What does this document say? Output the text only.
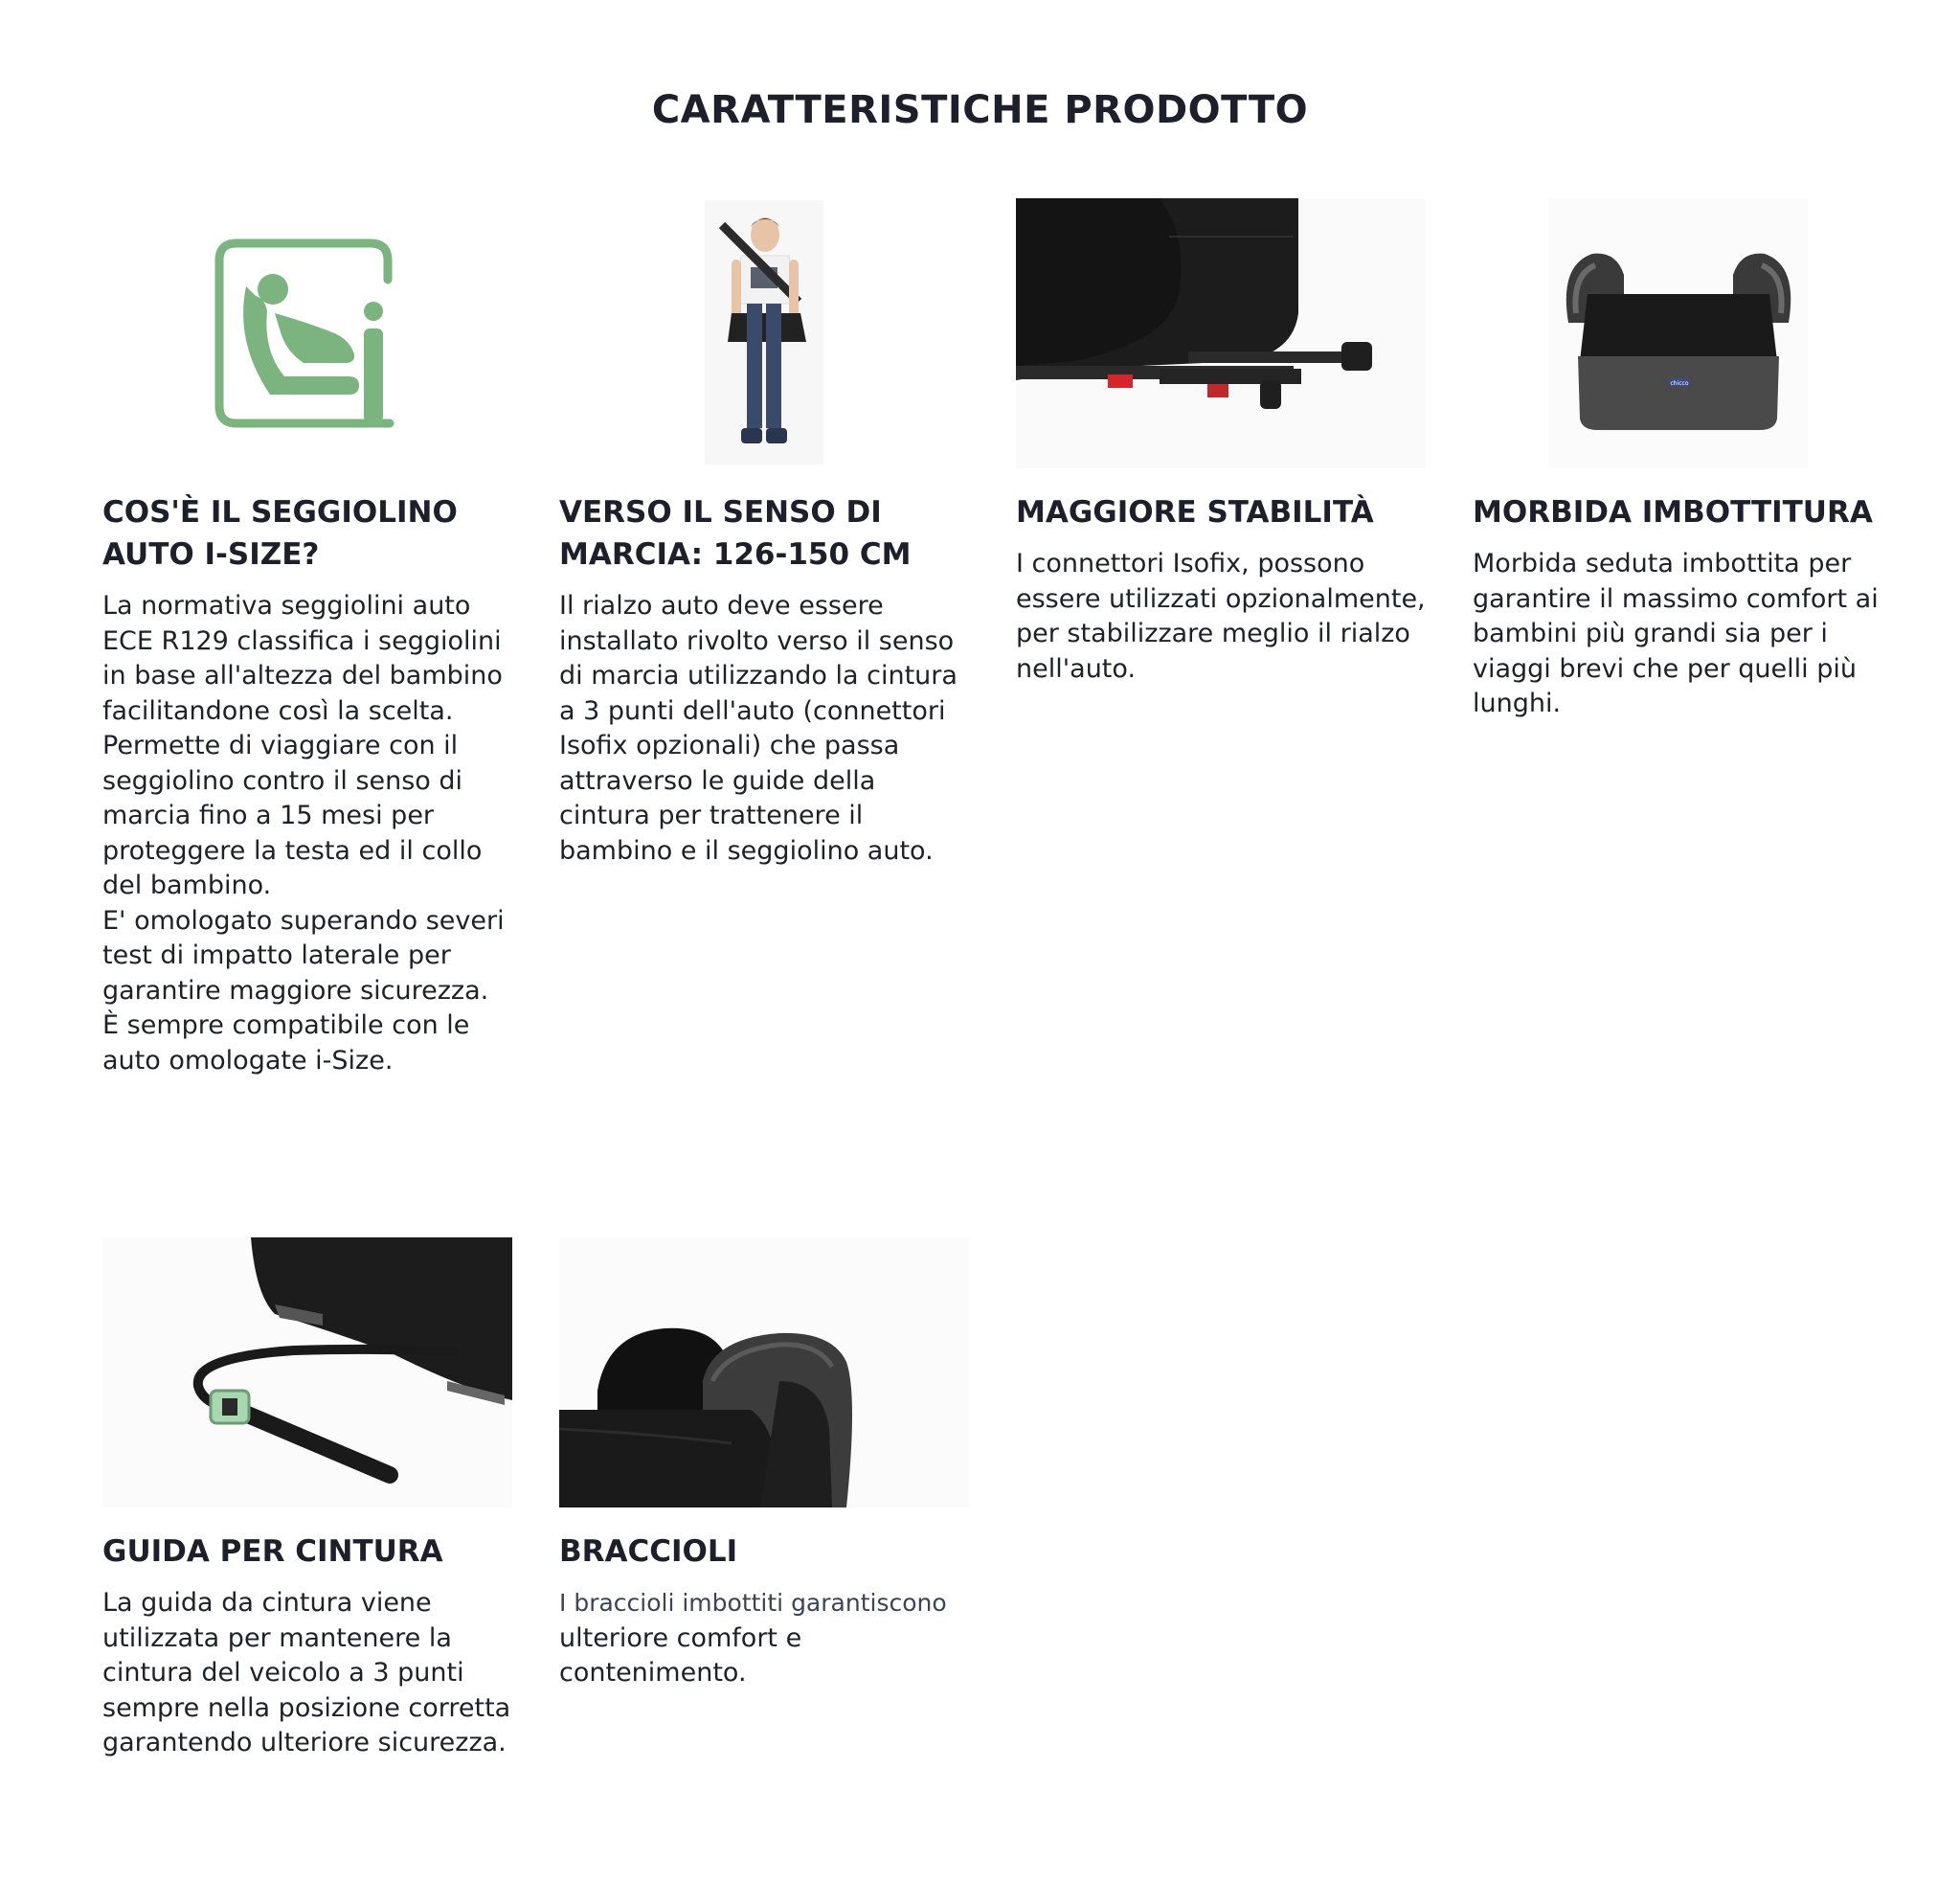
CARATTERISTICHE PRODOTTO
COS'È IL SEGGIOLINO AUTO I-SIZE?

La normativa seggiolini auto ECE R129 classifica i seggiolini in base all'altezza del bambino facilitandone così la scelta.

Permette di viaggiare con il seggiolino contro il senso di marcia fino a 15 mesi per proteggere la testa ed il collo del bambino.

E' omologato superando severi test di impatto laterale per garantire maggiore sicurezza.

È sempre compatibile con le auto omologate i-Size.

VERSO IL SENSO DI MARCIA: 126-150 CM

Il rialzo auto deve essere installato rivolto verso il senso di marcia utilizzando la cintura a 3 punti dell'auto (connettori Isofix opzionali) che passa attraverso le guide della cintura per trattenere il bambino e il seggiolino auto.

MAGGIORE STABILITÀ

I connettori Isofix, possono essere utilizzati opzionalmente, per stabilizzare meglio il rialzo nell'auto.

chicco
MORBIDA IMBOTTITURA

Morbida seduta imbottita per garantire il massimo comfort ai bambini più grandi sia per i viaggi brevi che per quelli più lunghi.

GUIDA PER CINTURA

La guida da cintura viene utilizzata per mantenere la cintura del veicolo a 3 punti sempre nella posizione corretta garantendo ulteriore sicurezza.

BRACCIOLI

I braccioli imbottiti garantiscono
ulteriore comfort e contenimento.
